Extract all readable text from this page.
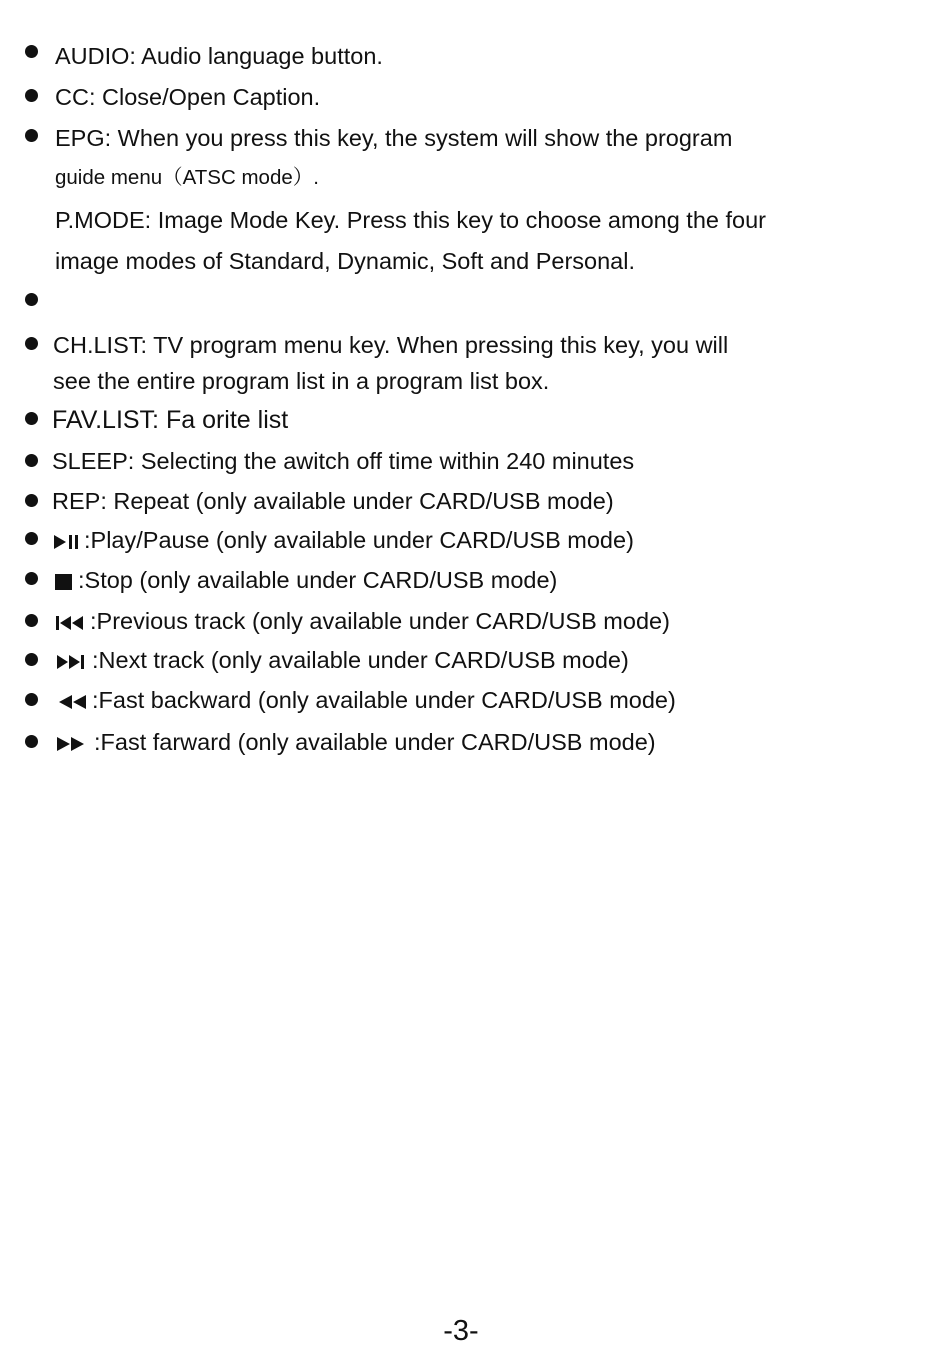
AUDIO: Audio language button.
CC: Close/Open Caption.
EPG: When you press this key, the system will show the program
guide menu（ATSC mode）.
P.MODE: Image Mode Key. Press this key to choose among the four
image modes of Standard, Dynamic, Soft and Personal.
CH.LIST: TV program menu key. When pressing this key, you will
see the entire program list in a program list box.
FAV.LIST: Fa orite list
SLEEP: Selecting the awitch off time within 240 minutes
REP: Repeat (only available under CARD/USB mode)
:Play/Pause (only available under CARD/USB mode)
:Stop (only available under CARD/USB mode)
:Previous track (only available under CARD/USB mode)
:Next track (only available under CARD/USB mode)
:Fast backward (only available under CARD/USB mode)
:Fast farward (only available under CARD/USB mode)
-3-
